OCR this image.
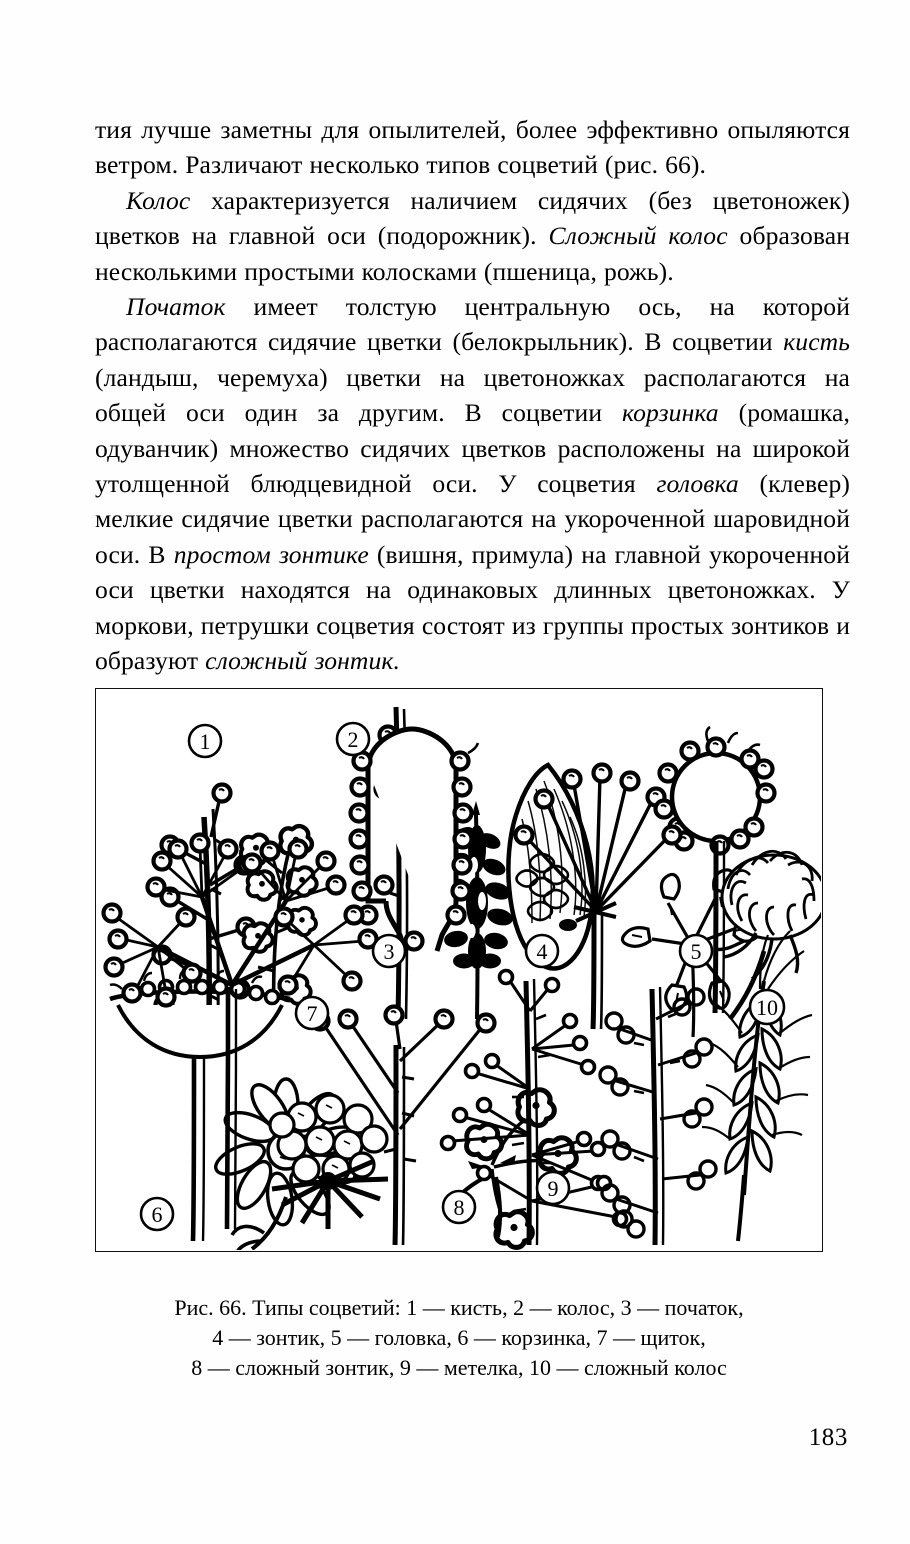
тия лучше заметны для опылителей, более эффективно опыляются ветром. Различают несколько типов соцветий (рис. 66).

Колос характеризуется наличием сидячих (без цветоножек) цветков на главной оси (подорожник). Сложный колос образован несколькими простыми колосками (пшеница, рожь).

Початок имеет толстую центральную ось, на которой располагаются сидячие цветки (белокрыльник). В соцветии кисть (ландыш, черемуха) цветки на цветоножках располагаются на общей оси один за другим. В соцветии корзинка (ромашка, одуванчик) множество сидячих цветков расположены на широкой утолщенной блюдцевидной оси. У соцветия головка (клевер) мелкие сидячие цветки располагаются на укороченной шаровидной оси. В простом зонтике (вишня, примула) на главной укороченной оси цветки находятся на одинаковых длинных цветоножках. У моркови, петрушки соцветия состоят из группы простых зонтиков и образуют сложный зонтик.

1	2
3	4	5
6
7
8
9
10
Рис. 66. Типы соцветий: 1 — кисть, 2 — колос, 3 — початок,
4 — зонтик, 5 — головка, 6 — корзинка, 7 — щиток,
8 — сложный зонтик, 9 — метелка, 10 — сложный колос
183
